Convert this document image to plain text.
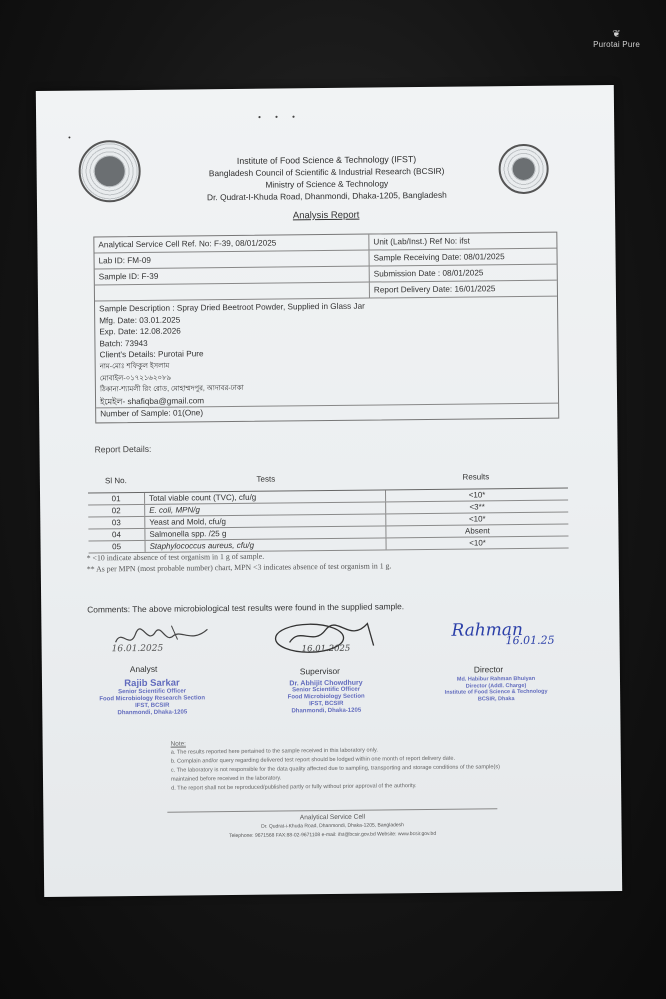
❦
Purotai Pure
• • •
•
Institute of Food Science & Technology (IFST)
Bangladesh Council of Scientific & Industrial Research (BCSIR)
Ministry of Science & Technology
Dr. Qudrat-I-Khuda Road, Dhanmondi, Dhaka-1205, Bangladesh
Analysis Report
Analytical Service Cell Ref. No: F-39, 08/01/2025	Unit (Lab/Inst.) Ref No: ifst
Lab ID: FM-09	Sample Receiving Date: 08/01/2025
Sample ID: F-39	Submission Date : 08/01/2025
Report Delivery Date: 16/01/2025
Sample Description : Spray Dried Beetroot Powder, Supplied in Glass Jar
Mfg. Date: 03.01.2025
Exp. Date: 12.08.2026
Batch: 73943
Client's Details: Purotai Pure
নাম-মোঃ শফিকুল ইসলাম
মোবাইল-০১৭২১৬২০৮৯
ঠিকানা-শ্যামলী রিং রোড, মোহাম্মদপুর, আদাবর-ঢাকা
ইমেইল- shafiqba@gmail.com
Number of Sample: 01(One)
Report Details:
Sl No.	Tests	Results
01	Total viable count (TVC), cfu/g	<10*
02	E. coli, MPN/g	<3**
03	Yeast and Mold, cfu/g	<10*
04	Salmonella spp. /25 g	Absent
05	Staphylococcus aureus, cfu/g	<10*
* <10 indicate absence of test organism in 1 g of sample.
** As per MPN (most probable number) chart, MPN <3 indicates absence of test organism in 1 g.
Comments: The above microbiological test results were found in the supplied sample.
16.01.2025
Analyst
Rajib Sarkar
Senior Scientific Officer
Food Microbiology Research Section
IFST, BCSIR
Dhanmondi, Dhaka-1205
16.01.2025
Supervisor
Dr. Abhijit Chowdhury
Senior Scientific Officer
Food Microbiology Section
IFST, BCSIR
Dhanmondi, Dhaka-1205
Rahman
16.01.25
Director
Md. Habibur Rahman Bhuiyan
Director (Addl. Charge)
Institute of Food Science & Technology
BCSIR, Dhaka
Note:
a. The results reported here pertained to the sample received in this laboratory only.
b. Complain and/or query regarding delivered test report should be lodged within one month of report delivery date.
c. The laboratory is not responsible for the data quality affected due to sampling, transporting and storage conditions of the sample(s) maintained before received in the laboratory.
d. The report shall not be reproduced/published partly or fully without prior approval of the authority.
Analytical Service Cell
Dr. Qudrat-i-Khuda Road, Dhanmondi, Dhaka-1205, Bangladesh
Telephone: 9671568 FAX:88-02-9671108 e-mail: ifst@bcsir.gov.bd Website: www.bcsir.gov.bd
